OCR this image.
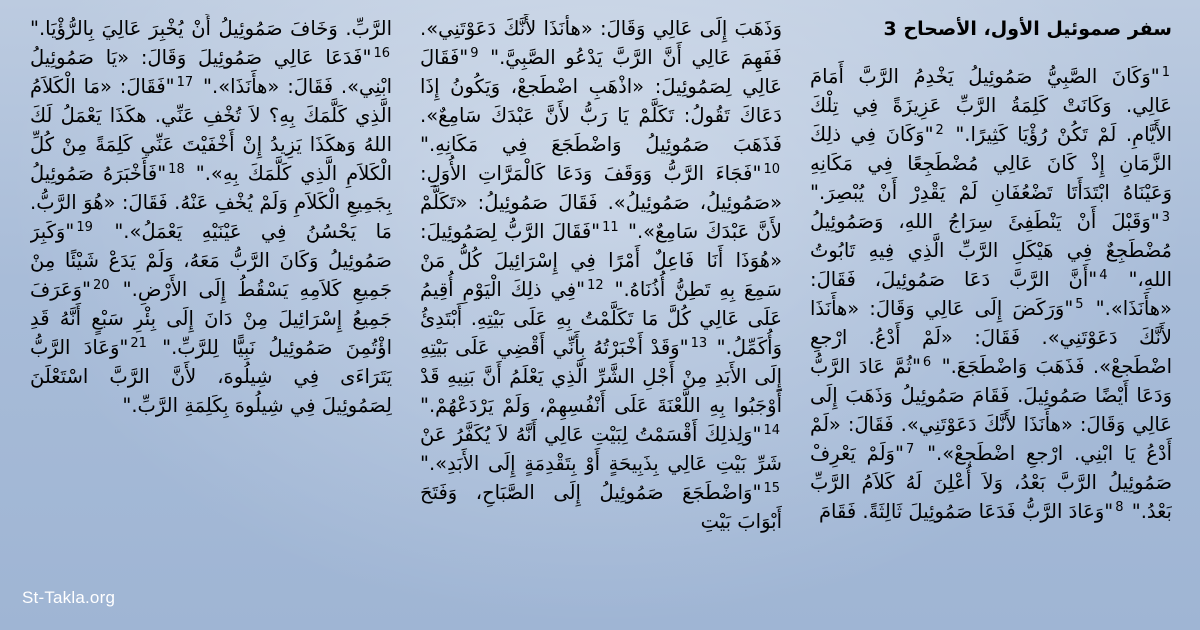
سفر صموئيل الأول، الأصحاح 3

$^1$"وَكَانَ الصَّبِيُّ صَمُوئِيلُ يَخْدِمُ الرَّبَّ أَمَامَ عَالِي. وَكَانَتْ كَلِمَةُ الرَّبِّ عَزِيزَةً فِي تِلْكَ الأَيَّامِ. لَمْ تَكُنْ رُؤْيَا كَثِيرًا." $^2$"وَكَانَ فِي ذلِكَ الزَّمَانِ إِذْ كَانَ عَالِي مُضْطَجِعًا فِي مَكَانِهِ وَعَيْنَاهُ ابْتَدَأَتَا تَضْعُفَانِ لَمْ يَقْدِرْ أَنْ يُبْصِرَ." $^3$"وَقَبْلَ أَنْ يَنْطَفِئَ سِرَاجُ اللهِ، وَصَمُوئِيلُ مُضْطَجِعٌ فِي هَيْكَلِ الرَّبِّ الَّذِي فِيهِ تَابُوتُ اللهِ،" $^4$"أَنَّ الرَّبَّ دَعَا صَمُوئِيلَ، فَقَالَ: «هأَنَذَا»." $^5$"وَرَكَضَ إِلَى عَالِي وَقَالَ: «هأَنَذَا لأَنَّكَ دَعَوْتَنِي». فَقَالَ: «لَمْ أَدْعُ. ارْجعِ اضْطَجعْ». فَذَهَبَ وَاضْطَجَعَ." $^6$"ثُمَّ عَادَ الرَّبُّ وَدَعَا أَيْضًا صَمُوئِيلَ. فَقَامَ صَمُوئِيلُ وَذَهَبَ إِلَى عَالِي وَقَالَ: «هأَنَذَا لأَنَّكَ دَعَوْتَنِي». فَقَالَ: «لَمْ أَدْعُ يَا ابْنِي. ارْجعِ اضْطَجعْ»." $^7$"وَلَمْ يَعْرِفْ صَمُوئِيلُ الرَّبَّ بَعْدُ، وَلاَ أُعْلِنَ لَهُ كَلاَمُ الرَّبِّ بَعْدُ." $^8$"وَعَادَ الرَّبُّ فَدَعَا صَمُوئِيلَ ثَالِثَةً. فَقَامَ

وَذَهَبَ إِلَى عَالِي وَقَالَ: «هأَنَذَا لأَنَّكَ دَعَوْتَنِي». فَفَهِمَ عَالِي أَنَّ الرَّبَّ يَدْعُو الصَّبِيَّ." $^9$"فَقَالَ عَالِي لِصَمُوئِيلَ: «اذْهَبِ اضْطَجعْ، وَيَكُونُ إِذَا دَعَاكَ تَقُولُ: تَكَلَّمْ يَا رَبُّ لأَنَّ عَبْدَكَ سَامِعٌ». فَذَهَبَ صَمُوئِيلُ وَاضْطَجَعَ فِي مَكَانِهِ." $^{10}$"فَجَاءَ الرَّبُّ وَوَقَفَ وَدَعَا كَالْمَرَّاتِ الأُوَلِ: «صَمُوئِيلُ، صَمُوئِيلُ». فَقَالَ صَمُوئِيلُ: «تَكَلَّمْ لأَنَّ عَبْدَكَ سَامِعٌ»." $^{11}$"فَقَالَ الرَّبُّ لِصَمُوئِيلَ: «هُوَذَا أَنَا فَاعِلٌ أَمْرًا فِي إِسْرَائِيلَ كُلُّ مَنْ سَمِعَ بِهِ تَطِنُّ أُذُنَاهُ." $^{12}$"فِي ذلِكَ الْيَوْمِ أُقِيمُ عَلَى عَالِي كُلَّ مَا تَكَلَّمْتُ بِهِ عَلَى بَيْتِهِ. أَبْتَدِئُ وَأُكَمِّلُ." $^{13}$"وَقَدْ أَخْبَرْتُهُ بِأَنِّي أَقْضِي عَلَى بَيْتِهِ إِلَى الأَبَدِ مِنْ أَجْلِ الشَّرِّ الَّذِي يَعْلَمُ أَنَّ بَنِيهِ قَدْ أَوْجَبُوا بِهِ اللَّعْنَةَ عَلَى أَنْفُسِهِمْ، وَلَمْ يَرْدَعْهُمْ." $^{14}$"وَلِذلِكَ أَقْسَمْتُ لِبَيْتِ عَالِي أَنَّهُ لاَ يُكَفَّرُ عَنْ شَرِّ بَيْتِ عَالِي بِذَبِيحَةٍ أَوْ بِتَقْدِمَةٍ إِلَى الأَبَدِ»." $^{15}$"وَاضْطَجَعَ صَمُوئِيلُ إِلَى الصَّبَاحِ، وَفَتَحَ أَبْوَابَ بَيْتِ

الرَّبِّ. وَخَافَ صَمُوئِيلُ أَنْ يُخْبِرَ عَالِيَ بِالرُّؤْيَا." $^{16}$"فَدَعَا عَالِي صَمُوئِيلَ وَقَالَ: «يَا صَمُوئِيلُ ابْنِي». فَقَالَ: «هأَنَذَا»." $^{17}$"فَقَالَ: «مَا الْكَلاَمُ الَّذِي كَلَّمَكَ بِهِ؟ لاَ تُخْفِ عَنِّي. هكَذَا يَعْمَلُ لَكَ اللهُ وَهكَذَا يَزِيدُ إِنْ أَخْفَيْتَ عَنِّي كَلِمَةً مِنْ كُلِّ الْكَلاَمِ الَّذِي كَلَّمَكَ بِهِ»." $^{18}$"فَأَخْبَرَهُ صَمُوئِيلُ بِجَمِيعِ الْكَلاَمِ وَلَمْ يُخْفِ عَنْهُ. فَقَالَ: «هُوَ الرَّبُّ. مَا يَحْسُنُ فِي عَيْنَيْهِ يَعْمَلُ»." $^{19}$"وَكَبِرَ صَمُوئِيلُ وَكَانَ الرَّبُّ مَعَهُ، وَلَمْ يَدَعْ شَيْئًا مِنْ جَمِيعِ كَلاَمِهِ يَسْقُطُ إِلَى الأَرْضِ." $^{20}$"وَعَرَفَ جَمِيعُ إِسْرَائِيلَ مِنْ دَانَ إِلَى بِئْرِ سَبْعٍ أَنَّهُ قَدِ اؤْتُمِنَ صَمُوئِيلُ نَبِيًّا لِلرَّبِّ." $^{21}$"وَعَادَ الرَّبُّ يَتَرَاءَى فِي شِيلُوهَ، لأَنَّ الرَّبَّ اسْتَعْلَنَ لِصَمُوئِيلَ فِي شِيلُوهَ بِكَلِمَةِ الرَّبِّ."

St-Takla.org
